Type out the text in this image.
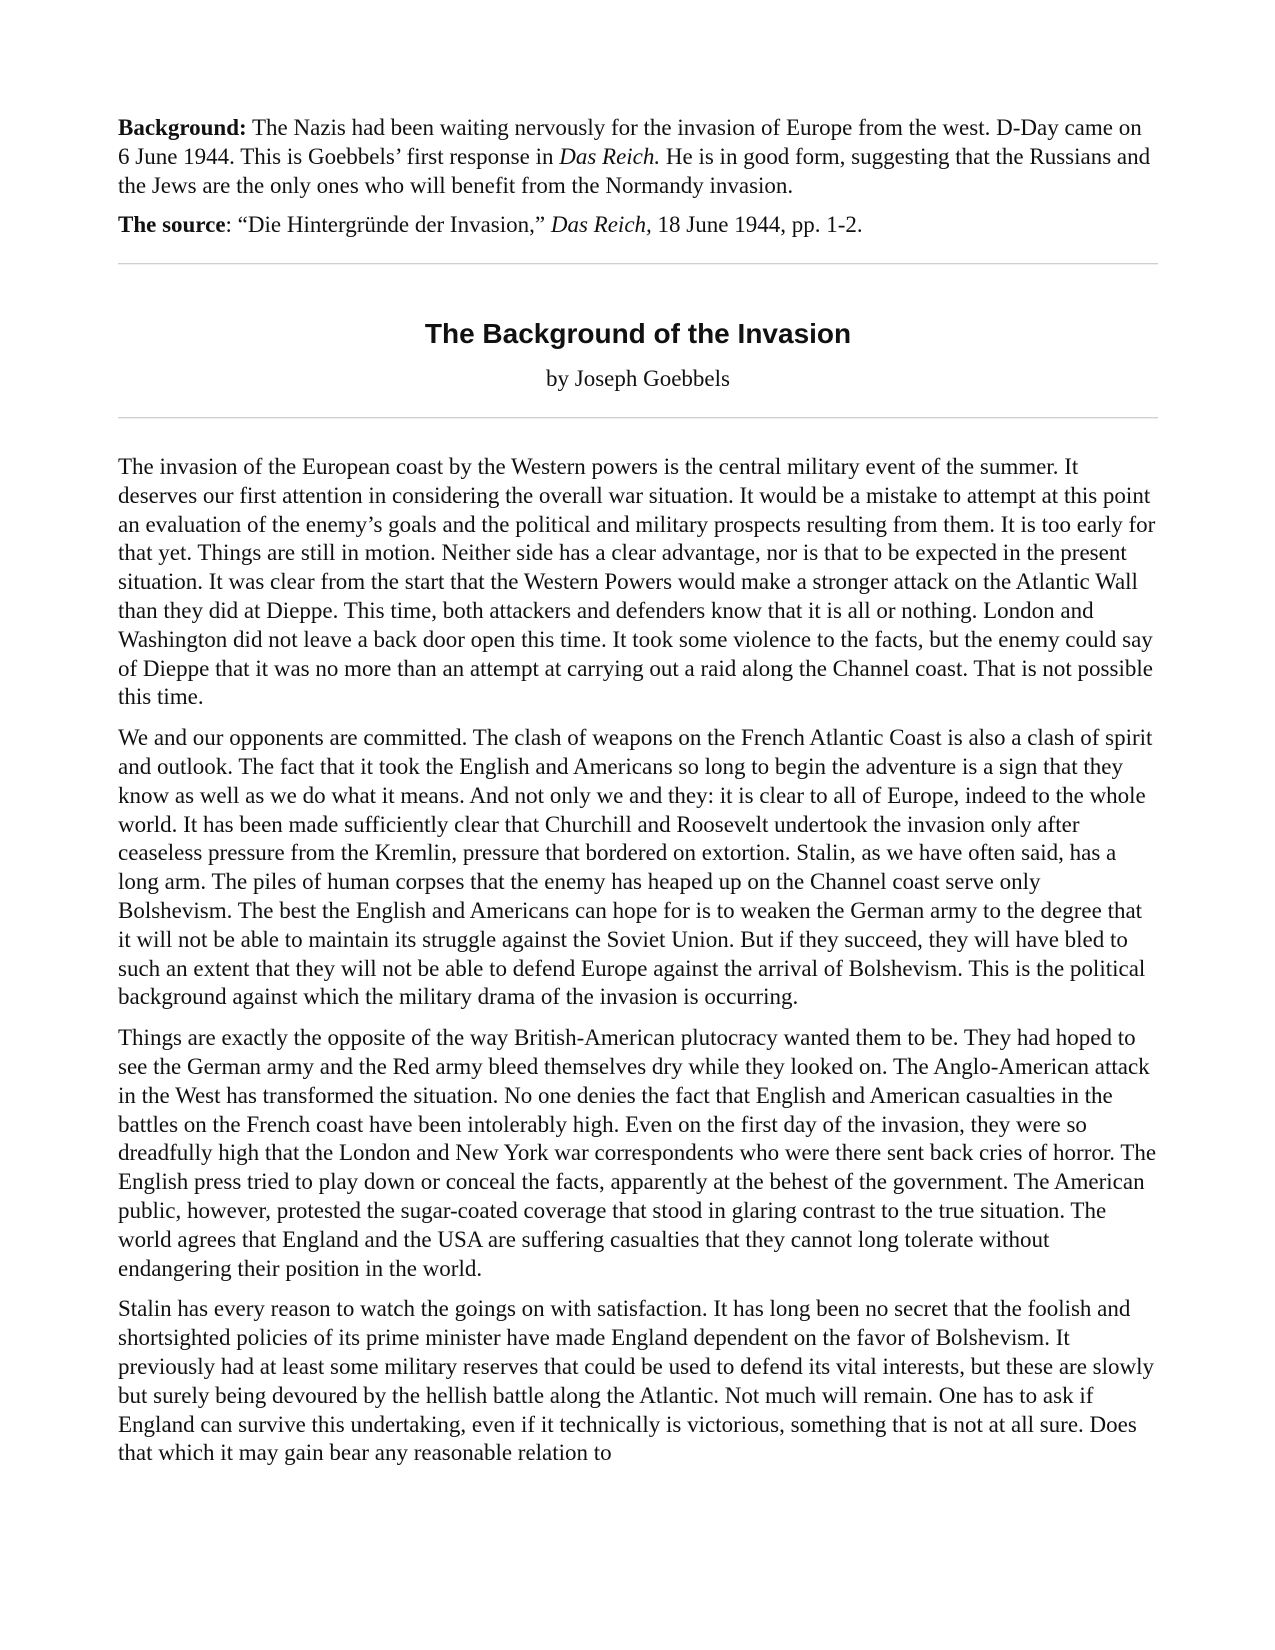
Background: The Nazis had been waiting nervously for the invasion of Europe from the west. D-Day came on 6 June 1944. This is Goebbels’ first response in Das Reich. He is in good form, suggesting that the Russians and the Jews are the only ones who will benefit from the Normandy invasion.

The source: “Die Hintergründe der Invasion,” Das Reich, 18 June 1944, pp. 1-2.

The Background of the Invasion
by Joseph Goebbels

The invasion of the European coast by the Western powers is the central military event of the summer. It deserves our first attention in considering the overall war situation. It would be a mistake to attempt at this point an evaluation of the enemy’s goals and the political and military prospects resulting from them. It is too early for that yet. Things are still in motion. Neither side has a clear advantage, nor is that to be expected in the present situation. It was clear from the start that the Western Powers would make a stronger attack on the Atlantic Wall than they did at Dieppe. This time, both attackers and defenders know that it is all or nothing. London and Washington did not leave a back door open this time. It took some violence to the facts, but the enemy could say of Dieppe that it was no more than an attempt at carrying out a raid along the Channel coast. That is not possible this time.

We and our opponents are committed. The clash of weapons on the French Atlantic Coast is also a clash of spirit and outlook. The fact that it took the English and Americans so long to begin the adventure is a sign that they know as well as we do what it means. And not only we and they: it is clear to all of Europe, indeed to the whole world. It has been made sufficiently clear that Churchill and Roosevelt undertook the invasion only after ceaseless pressure from the Kremlin, pressure that bordered on extortion. Stalin, as we have often said, has a long arm. The piles of human corpses that the enemy has heaped up on the Channel coast serve only Bolshevism. The best the English and Americans can hope for is to weaken the German army to the degree that it will not be able to maintain its struggle against the Soviet Union. But if they succeed, they will have bled to such an extent that they will not be able to defend Europe against the arrival of Bolshevism. This is the political background against which the military drama of the invasion is occurring.

Things are exactly the opposite of the way British-American plutocracy wanted them to be. They had hoped to see the German army and the Red army bleed themselves dry while they looked on. The Anglo-American attack in the West has transformed the situation. No one denies the fact that English and American casualties in the battles on the French coast have been intolerably high. Even on the first day of the invasion, they were so dreadfully high that the London and New York war correspondents who were there sent back cries of horror. The English press tried to play down or conceal the facts, apparently at the behest of the government. The American public, however, protested the sugar-coated coverage that stood in glaring contrast to the true situation. The world agrees that England and the USA are suffering casualties that they cannot long tolerate without endangering their position in the world.

Stalin has every reason to watch the goings on with satisfaction. It has long been no secret that the foolish and shortsighted policies of its prime minister have made England dependent on the favor of Bolshevism. It previously had at least some military reserves that could be used to defend its vital interests, but these are slowly but surely being devoured by the hellish battle along the Atlantic. Not much will remain. One has to ask if England can survive this undertaking, even if it technically is victorious, something that is not at all sure. Does that which it may gain bear any reasonable relation to
